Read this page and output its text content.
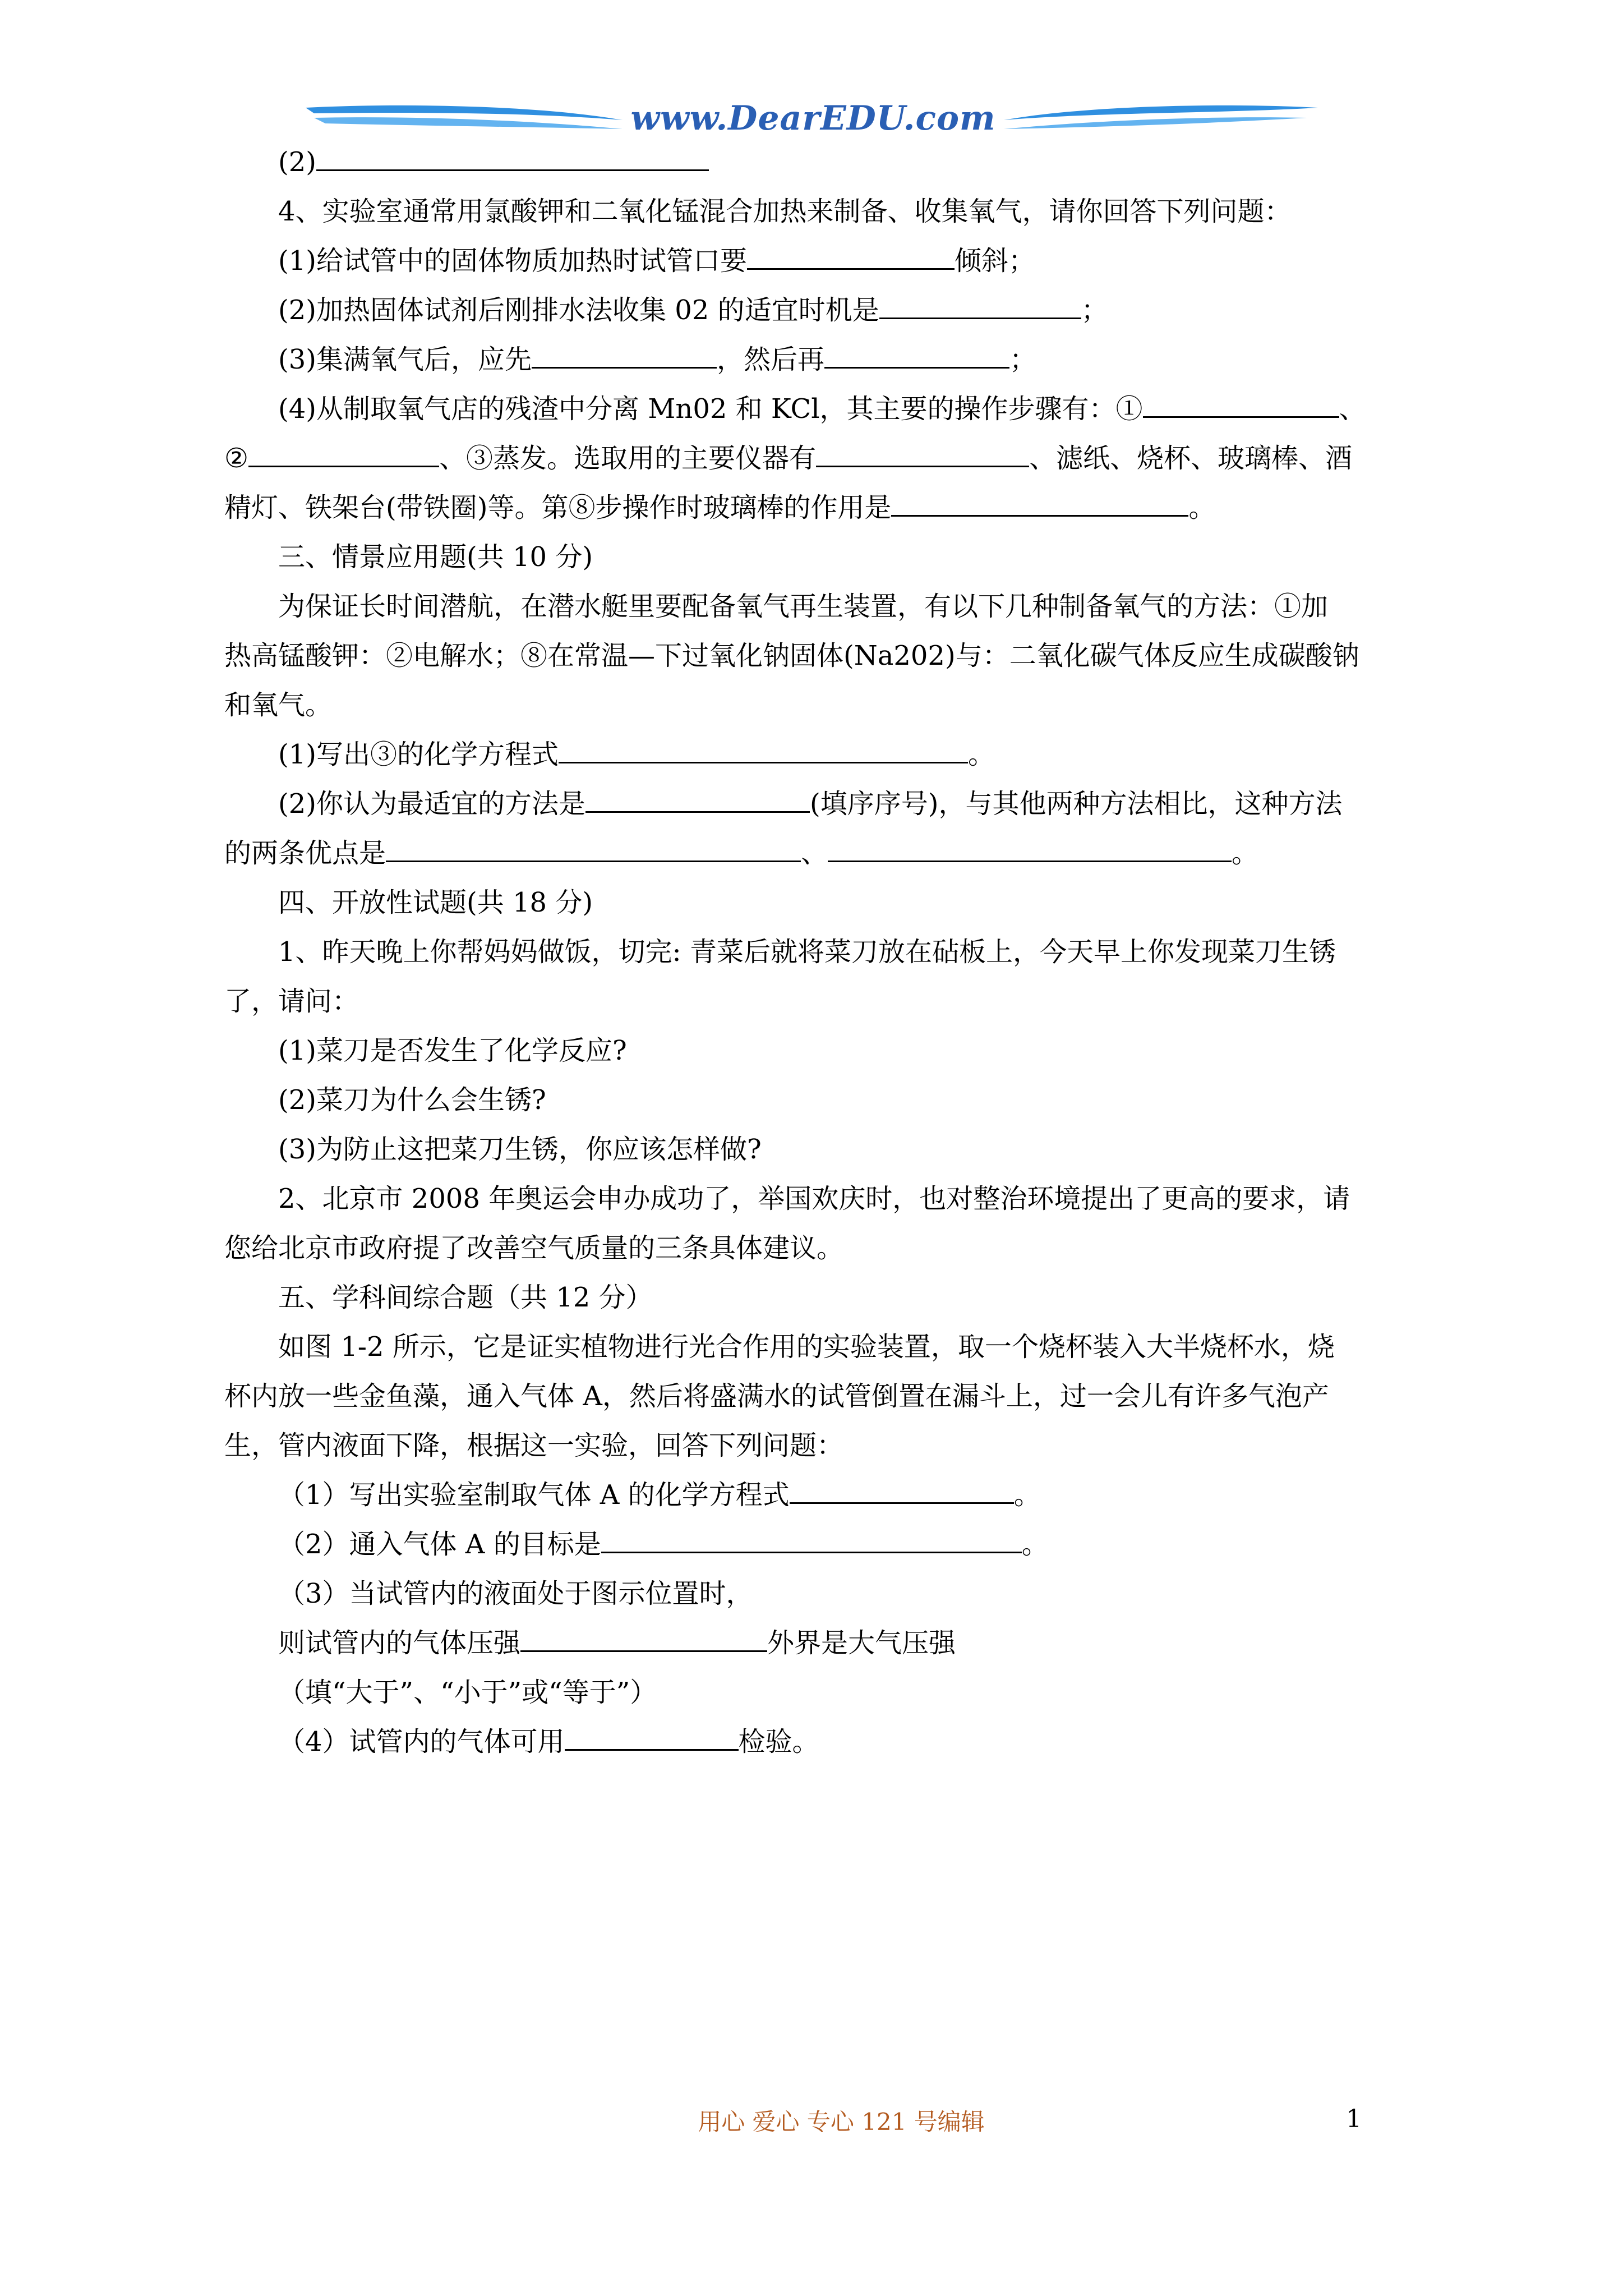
www.DearEDU.com
(2)
4、实验室通常用氯酸钾和二氧化锰混合加热来制备、收集氧气，请你回答下列问题：
(1)给试管中的固体物质加热时试管口要	倾斜；
(2)加热固体试剂后刚排水法收集 02 的适宜时机是	；
(3)集满氧气后，应先	，然后再	；
(4)从制取氧气店的残渣中分离 Mn02 和 KCl，其主要的操作步骤有：①	、
②	、③蒸发。选取用的主要仪器有	、滤纸、烧杯、玻璃棒、酒
精灯、铁架台(带铁圈)等。第⑧步操作时玻璃棒的作用是	。
三、情景应用题(共 10 分)
为保证长时间潜航，在潜水艇里要配备氧气再生装置，有以下几种制备氧气的方法：①加
热高锰酸钾：②电解水；⑧在常温—下过氧化钠固体(Na202)与：二氧化碳气体反应生成碳酸钠
和氧气。
(1)写出③的化学方程式	。
(2)你认为最适宜的方法是	(填序序号)，与其他两种方法相比，这种方法
的两条优点是	、	。
四、开放性试题(共 18 分)
1、昨天晚上你帮妈妈做饭，切完: 青菜后就将菜刀放在砧板上，今天早上你发现菜刀生锈
了，请问：
(1)菜刀是否发生了化学反应?
(2)菜刀为什么会生锈?
(3)为防止这把菜刀生锈，你应该怎样做?
2、北京市 2008 年奥运会申办成功了，举国欢庆时，也对整治环境提出了更高的要求，请
您给北京市政府提了改善空气质量的三条具体建议。
五、学科间综合题（共 12 分）
如图 1-2 所示，它是证实植物进行光合作用的实验装置，取一个烧杯装入大半烧杯水，烧
杯内放一些金鱼藻，通入气体 A，然后将盛满水的试管倒置在漏斗上，过一会儿有许多气泡产
生，管内液面下降，根据这一实验，回答下列问题：
（1）写出实验室制取气体 A 的化学方程式	。
（2）通入气体 A 的目标是	。
（3）当试管内的液面处于图示位置时，
则试管内的气体压强	外界是大气压强
（填“大于”、“小于”或“等于”）
（4）试管内的气体可用	检验。
用心 爱心 专心 121 号编辑	1
